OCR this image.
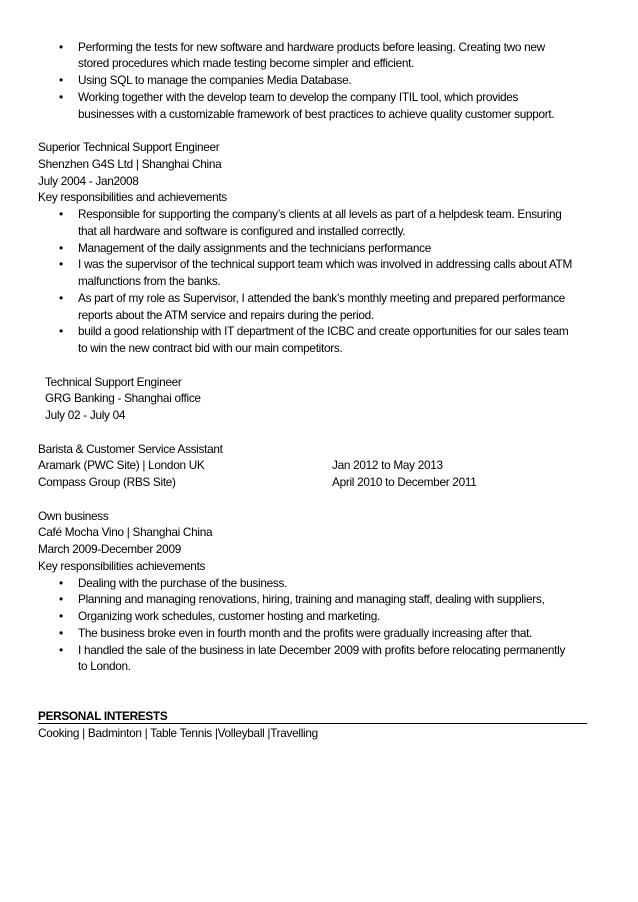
• Performing the tests for new software and hardware products before leasing. Creating two new
stored procedures which made testing become simpler and efficient.
• Using SQL to manage the companies Media Database.
• Working together with the develop team to develop the company ITIL tool, which provides
businesses with a customizable framework of best practices to achieve quality customer support.
Superior Technical Support Engineer
Shenzhen G4S Ltd | Shanghai China
July 2004 - Jan2008
Key responsibilities and achievements
• Responsible for supporting the company’s clients at all levels as part of a helpdesk team. Ensuring
that all hardware and software is configured and installed correctly.
• Management of the daily assignments and the technicians performance
• I was the supervisor of the technical support team which was involved in addressing calls about ATM
malfunctions from the banks.
• As part of my role as Supervisor, I attended the bank’s monthly meeting and prepared performance
reports about the ATM service and repairs during the period.
• build a good relationship with IT department of the ICBC and create opportunities for our sales team
to win the new contract bid with our main competitors.
Technical Support Engineer
GRG Banking - Shanghai office
July 02 - July 04
Barista & Customer Service Assistant
Aramark (PWC Site) | London UK	Jan 2012 to May 2013
Compass Group (RBS Site)	April 2010 to December 2011
Own business
Café Mocha Vino | Shanghai China
March 2009-December 2009
Key responsibilities achievements
• Dealing with the purchase of the business.
• Planning and managing renovations, hiring, training and managing staff, dealing with suppliers,
• Organizing work schedules, customer hosting and marketing.
• The business broke even in fourth month and the profits were gradually increasing after that.
• I handled the sale of the business in late December 2009 with profits before relocating permanently
to London.
PERSONAL INTERESTS
Cooking | Badminton | Table Tennis |Volleyball |Travelling
